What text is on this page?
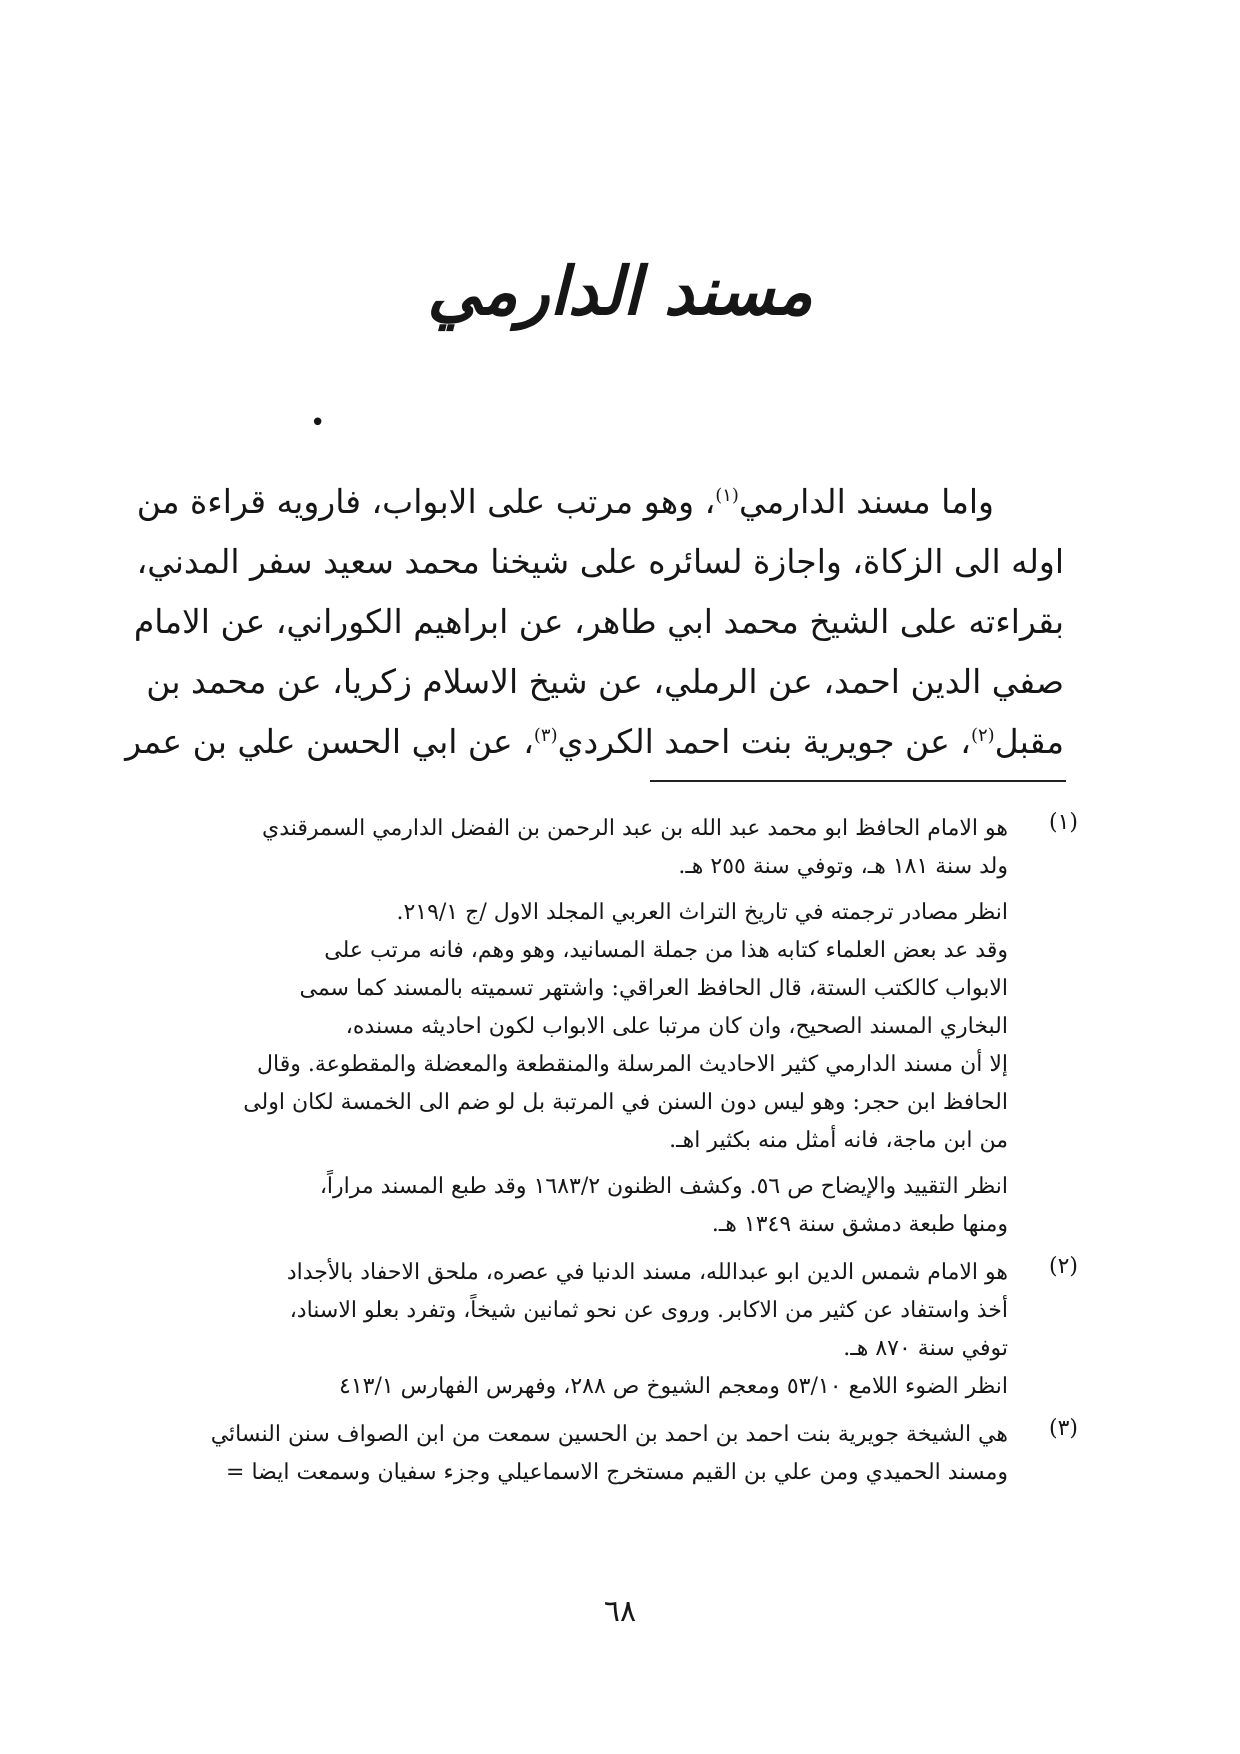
مسند الدارمي
•
واما مسند الدارمي$^{(١)}$، وهو مرتب على الابواب، فارويه قراءة من
اوله الى الزكاة، واجازة لسائره على شيخنا محمد سعيد سفر المدني،
بقراءته على الشيخ محمد ابي طاهر، عن ابراهيم الكوراني، عن الامام
صفي الدين احمد، عن الرملي، عن شيخ الاسلام زكريا، عن محمد بن
مقبل$^{(٢)}$، عن جويرية بنت احمد الكردي$^{(٣)}$، عن ابي الحسن علي بن عمر
(١)
هو الامام الحافظ ابو محمد عبد الله بن عبد الرحمن بن الفضل الدارمي السمرقندي
ولد سنة ١٨١ هـ، وتوفي سنة ٢٥٥ هـ.
انظر مصادر ترجمته في تاريخ التراث العربي المجلد الاول /ج ٢١٩/١.
وقد عد بعض العلماء كتابه هذا من جملة المسانيد، وهو وهم، فانه مرتب على
الابواب كالكتب الستة، قال الحافظ العراقي: واشتهر تسميته بالمسند كما سمى
البخاري المسند الصحيح، وان كان مرتبا على الابواب لكون احاديثه مسنده،
إلا أن مسند الدارمي كثير الاحاديث المرسلة والمنقطعة والمعضلة والمقطوعة. وقال
الحافظ ابن حجر: وهو ليس دون السنن في المرتبة بل لو ضم الى الخمسة لكان اولى
من ابن ماجة، فانه أمثل منه بكثير اهـ.
انظر التقييد والإيضاح ص ٥٦. وكشف الظنون ١٦٨٣/٢ وقد طبع المسند مراراً،
ومنها طبعة دمشق سنة ١٣٤٩ هـ.
(٢)
هو الامام شمس الدين ابو عبدالله، مسند الدنيا في عصره، ملحق الاحفاد بالأجداد
أخذ واستفاد عن كثير من الاكابر. وروى عن نحو ثمانين شيخاً، وتفرد بعلو الاسناد،
توفي سنة ٨٧٠ هـ.
انظر الضوء اللامع ٥٣/١٠ ومعجم الشيوخ ص ٢٨٨، وفهرس الفهارس ٤١٣/١
(٣)
هي الشيخة جويرية بنت احمد بن احمد بن الحسين سمعت من ابن الصواف سنن النسائي
ومسند الحميدي ومن علي بن القيم مستخرج الاسماعيلي وجزء سفيان وسمعت ايضا =
٦٨
